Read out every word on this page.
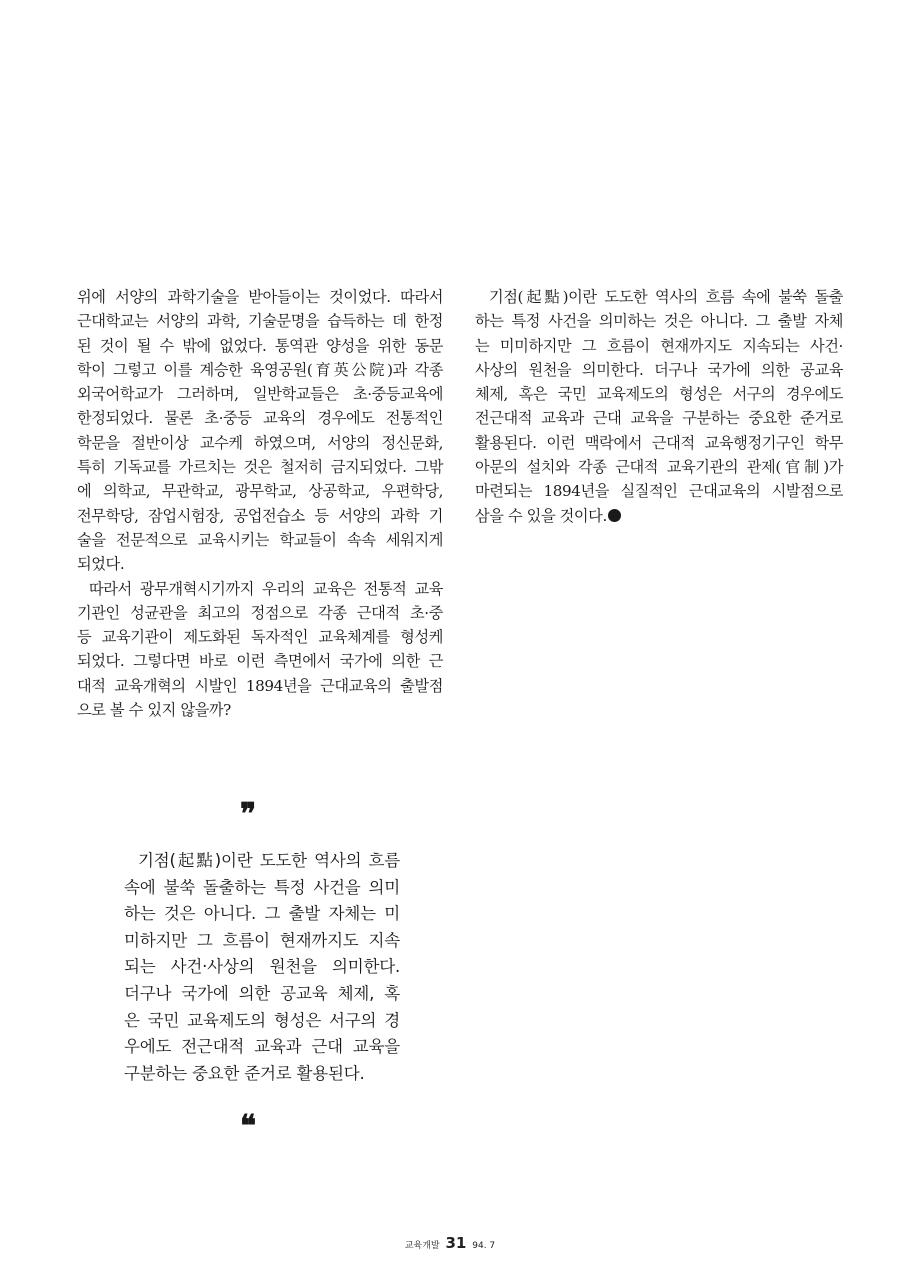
위에 서양의 과학기술을 받아들이는 것이었다. 따라서
근대학교는 서양의 과학, 기술문명을 습득하는 데 한정
된 것이 될 수 밖에 없었다. 통역관 양성을 위한 동문
학이 그렇고 이를 계승한 육영공원(育英公院)과 각종
외국어학교가 그러하며, 일반학교들은 초·중등교육에
한정되었다. 물론 초·중등 교육의 경우에도 전통적인
학문을 절반이상 교수케 하였으며, 서양의 정신문화,
특히 기독교를 가르치는 것은 철저히 금지되었다. 그밖
에 의학교, 무관학교, 광무학교, 상공학교, 우편학당,
전무학당, 잠업시험장, 공업전습소 등 서양의 과학 기
술을 전문적으로 교육시키는 학교들이 속속 세워지게
되었다.
따라서 광무개혁시기까지 우리의 교육은 전통적 교육
기관인 성균관을 최고의 정점으로 각종 근대적 초·중
등 교육기관이 제도화된 독자적인 교육체계를 형성케
되었다. 그렇다면 바로 이런 측면에서 국가에 의한 근
대적 교육개혁의 시발인 1894년을 근대교육의 출발점
으로 볼 수 있지 않을까?
기점(起點)이란 도도한 역사의 흐름 속에 불쑥 돌출
하는 특정 사건을 의미하는 것은 아니다. 그 출발 자체
는 미미하지만 그 흐름이 현재까지도 지속되는 사건·
사상의 원천을 의미한다. 더구나 국가에 의한 공교육
체제, 혹은 국민 교육제도의 형성은 서구의 경우에도
전근대적 교육과 근대 교육을 구분하는 중요한 준거로
활용된다. 이런 맥락에서 근대적 교육행정기구인 학무
아문의 설치와 각종 근대적 교육기관의 관제(官制)가
마련되는 1894년을 실질적인 근대교육의 시발점으로
삼을 수 있을 것이다.
❞
기점(起點)이란 도도한 역사의 흐름
속에 불쑥 돌출하는 특정 사건을 의미
하는 것은 아니다. 그 출발 자체는 미
미하지만 그 흐름이 현재까지도 지속
되는 사건·사상의 원천을 의미한다.
더구나 국가에 의한 공교육 체제, 혹
은 국민 교육제도의 형성은 서구의 경
우에도 전근대적 교육과 근대 교육을
구분하는 중요한 준거로 활용된다.
❝
교육개발 31 94. 7
